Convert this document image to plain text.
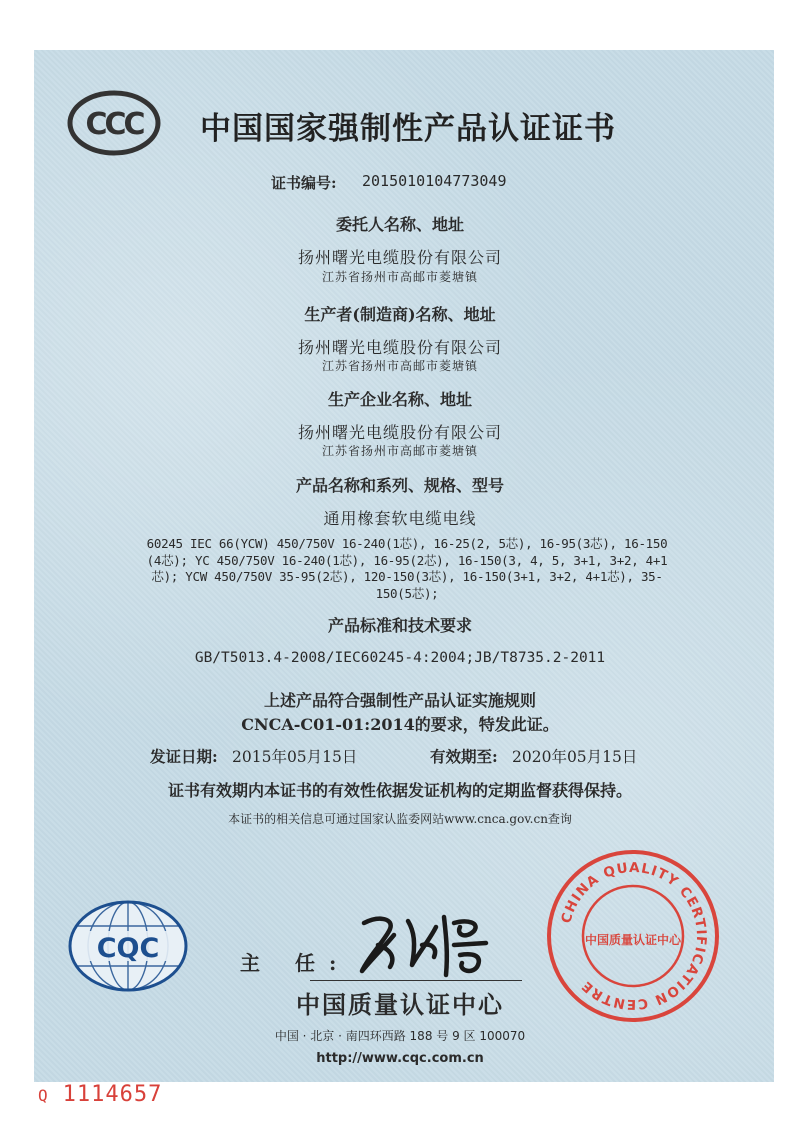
CCC 中国国家强制性产品认证证书
证书编号: 2015010104773049
委托人名称、地址
扬州曙光电缆股份有限公司
江苏省扬州市高邮市菱塘镇
生产者(制造商)名称、地址
扬州曙光电缆股份有限公司
江苏省扬州市高邮市菱塘镇
生产企业名称、地址
扬州曙光电缆股份有限公司
江苏省扬州市高邮市菱塘镇
产品名称和系列、规格、型号
通用橡套软电缆电线
60245 IEC 66(YCW) 450/750V 16-240(1芯), 16-25(2, 5芯), 16-95(3芯), 16-150
(4芯); YC 450/750V 16-240(1芯), 16-95(2芯), 16-150(3, 4, 5, 3+1, 3+2, 4+1
芯); YCW 450/750V 35-95(2芯), 120-150(3芯), 16-150(3+1, 3+2, 4+1芯), 35-
150(5芯);
产品标准和技术要求
GB/T5013.4-2008/IEC60245-4:2004;JB/T8735.2-2011
上述产品符合强制性产品认证实施规则
CNCA-C01-01:2014的要求，特发此证。
发证日期: 2015年05月15日	有效期至: 2020年05月15日
证书有效期内本证书的有效性依据发证机构的定期监督获得保持。
本证书的相关信息可通过国家认监委网站www.cnca.gov.cn查询
CQC	主 任:
CHINA QUALITY CERTIFICATION CENTRE
中国质量认证中心
中国质量认证中心
中国 · 北京 · 南四环西路 188 号 9 区 100070
http://www.cqc.com.cn
Q 1114657
